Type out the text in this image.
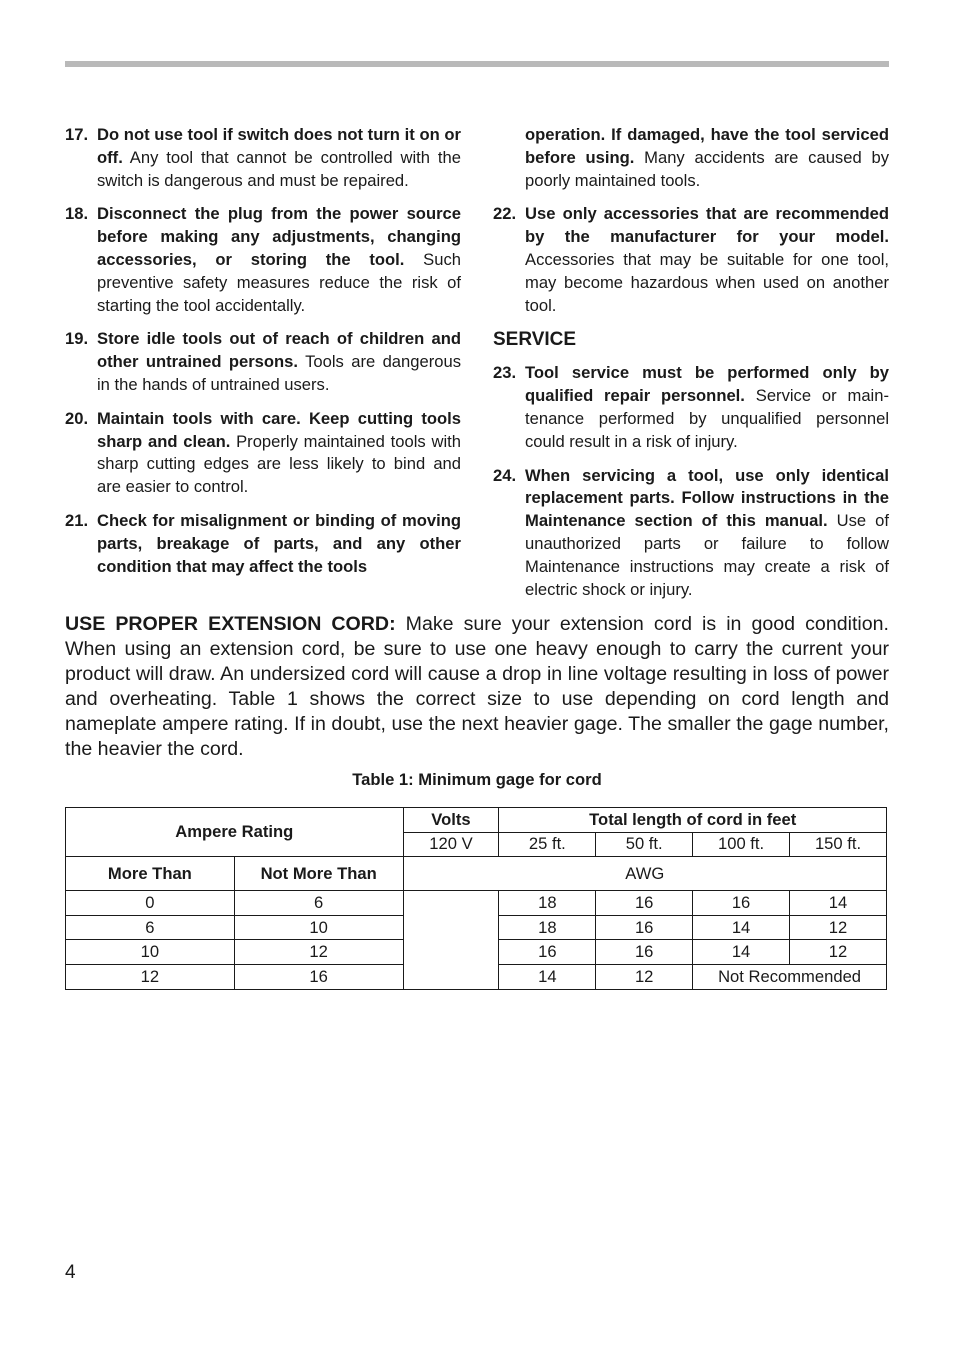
17. Do not use tool if switch does not turn it on or off. Any tool that cannot be controlled with the switch is dangerous and must be repaired.
18. Disconnect the plug from the power source before making any adjustments, changing accessories, or storing the tool. Such preventive safety measures reduce the risk of starting the tool accidentally.
19. Store idle tools out of reach of children and other untrained persons. Tools are dangerous in the hands of untrained users.
20. Maintain tools with care. Keep cutting tools sharp and clean. Properly maintained tools with sharp cutting edges are less likely to bind and are easier to control.
21. Check for misalignment or binding of moving parts, breakage of parts, and any other condition that may affect the tools
operation. If damaged, have the tool serviced before using. Many accidents are caused by poorly maintained tools.
22. Use only accessories that are recommended by the manufacturer for your model. Accessories that may be suitable for one tool, may become hazardous when used on another tool.
SERVICE
23. Tool service must be performed only by qualified repair personnel. Service or maintenance performed by unqualified personnel could result in a risk of injury.
24. When servicing a tool, use only identical replacement parts. Follow instructions in the Maintenance section of this manual. Use of unauthorized parts or failure to follow Maintenance instructions may create a risk of electric shock or injury.
USE PROPER EXTENSION CORD: Make sure your extension cord is in good condition. When using an extension cord, be sure to use one heavy enough to carry the current your product will draw. An undersized cord will cause a drop in line voltage resulting in loss of power and overheating. Table 1 shows the correct size to use depending on cord length and nameplate ampere rating. If in doubt, use the next heavier gage. The smaller the gage number, the heavier the cord.
Table 1: Minimum gage for cord
Ampere Rating		Volts	Total length of cord in feet			
		120 V	25 ft.	50 ft.	100 ft.	150 ft.
More Than	Not More Than	AWG				
0	6		18	16	16	14
6	10		18	16	14	12
10	12		16	16	14	12
12	16		14	12	Not Recommended	
4
